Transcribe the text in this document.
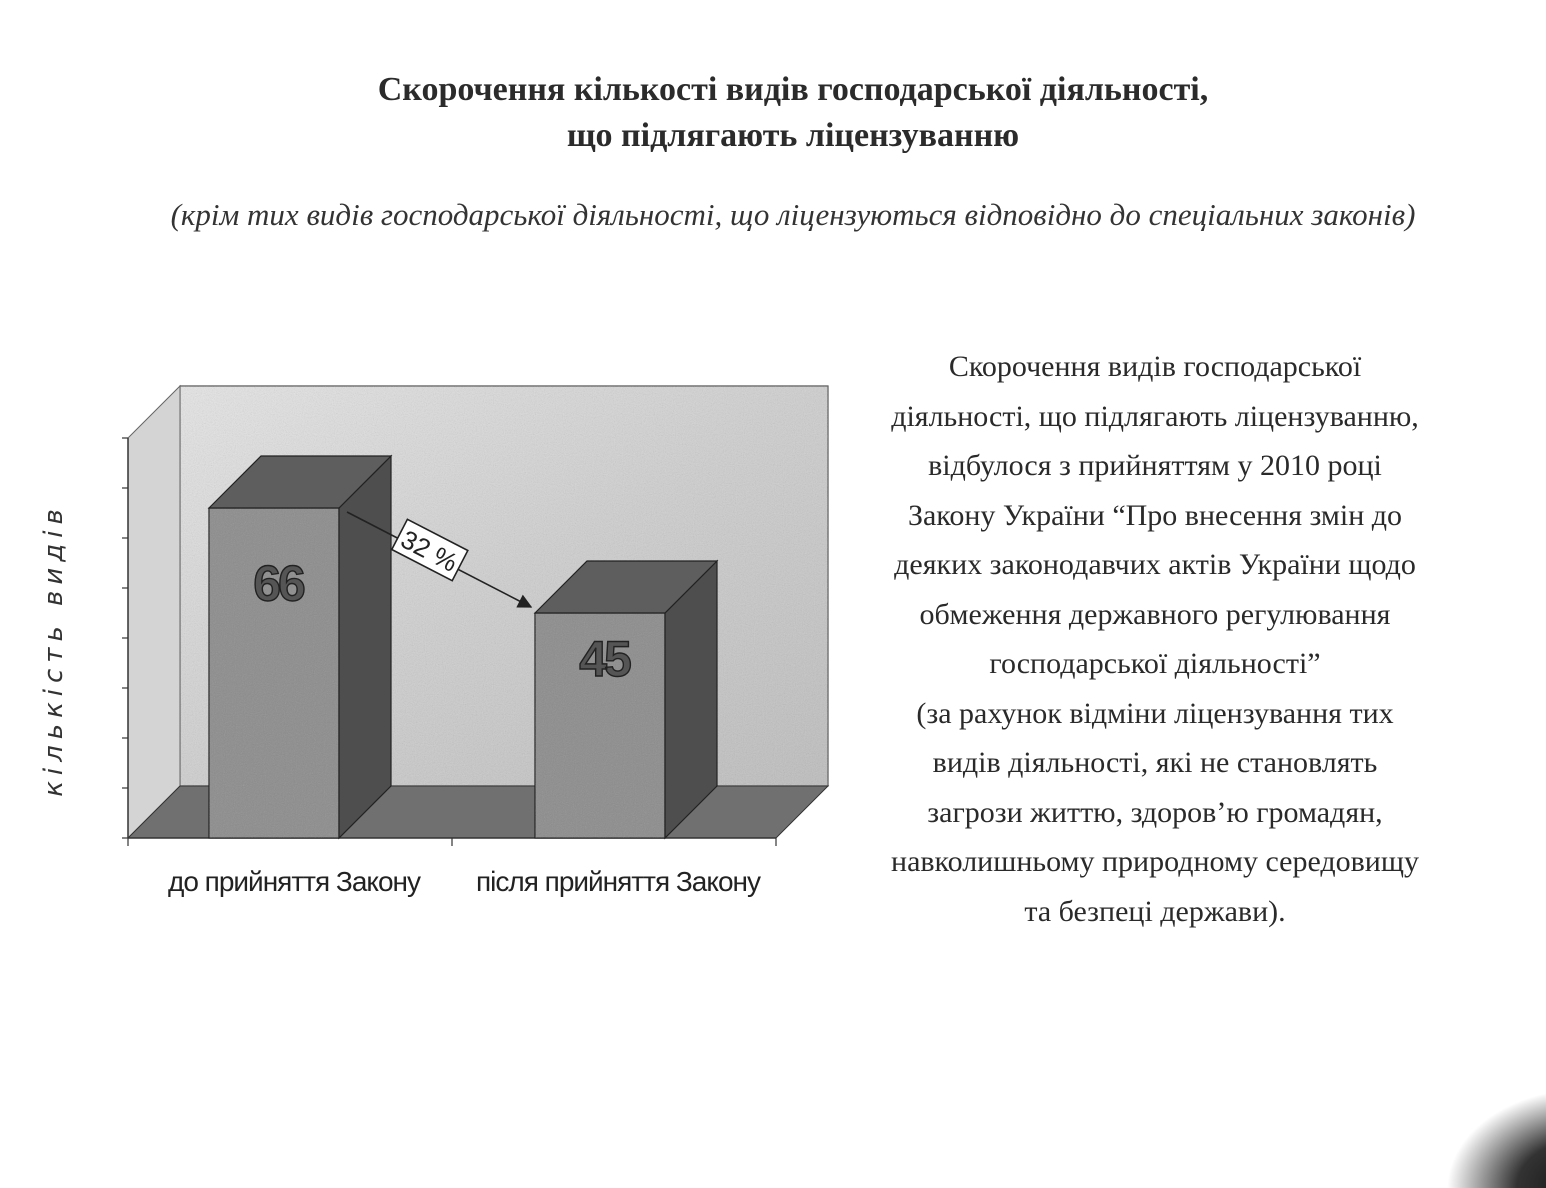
Скорочення кількості видів господарської діяльності,
що підлягають ліцензуванню
(крім тих видів господарської діяльності, що ліцензуються відповідно до спеціальних законів)
кількість видів	66
до прийняття Закону
45
після прийняття Закону
32 %
Скорочення видів господарської
діяльності, що підлягають ліцензуванню,
відбулося з прийняттям у 2010 році
Закону України “Про внесення змін до
деяких законодавчих актів України щодо
обмеження державного регулювання
господарської діяльності”
(за рахунок відміни ліцензування тих
видів діяльності, які не становлять
загрози життю, здоров’ю громадян,
навколишньому природному середовищу
та безпеці держави).
